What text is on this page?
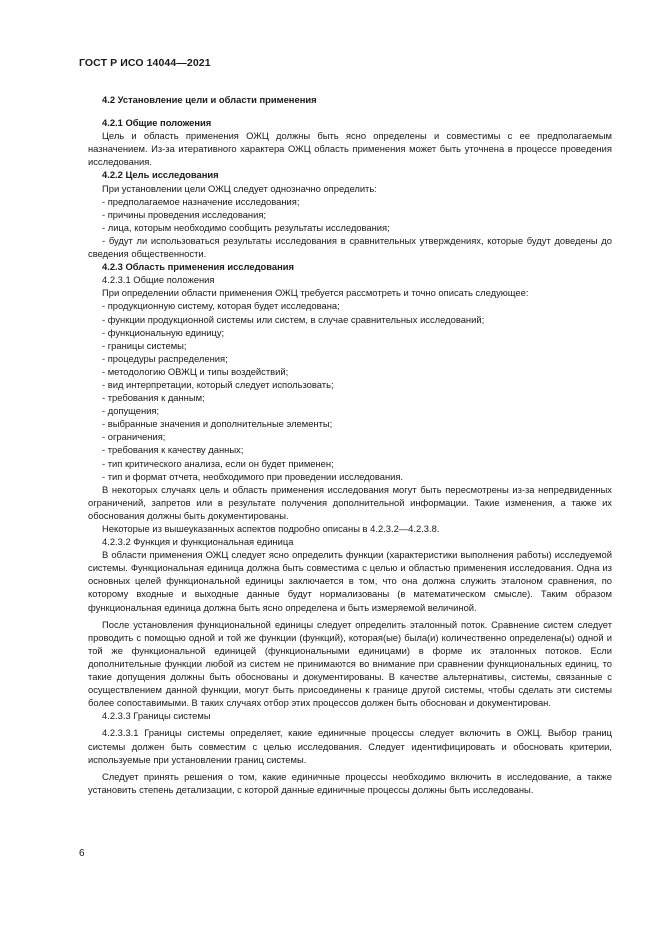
ГОСТ Р ИСО 14044—2021
4.2 Установление цели и области применения
4.2.1 Общие положения

Цель и область применения ОЖЦ должны быть ясно определены и совместимы с ее предполагаемым назначением. Из-за итеративного характера ОЖЦ область применения может быть уточнена в процессе проведения исследования.

4.2.2 Цель исследования

При установлении цели ОЖЦ следует однозначно определить:

- предполагаемое назначение исследования;
- причины проведения исследования;
- лица, которым необходимо сообщить результаты исследования;

- будут ли использоваться результаты исследования в сравнительных утверждениях, которые будут доведены до сведения общественности.

4.2.3 Область применения исследования
4.2.3.1 Общие положения

При определении области применения ОЖЦ требуется рассмотреть и точно описать следующее:

- продукционную систему, которая будет исследована;
- функции продукционной системы или систем, в случае сравнительных исследований;
- функциональную единицу;
- границы системы;
- процедуры распределения;
- методологию ОВЖЦ и типы воздействий;
- вид интерпретации, который следует использовать;
- требования к данным;
- допущения;
- выбранные значения и дополнительные элементы;
- ограничения;
- требования к качеству данных;
- тип критического анализа, если он будет применен;
- тип и формат отчета, необходимого при проведении исследования.

В некоторых случаях цель и область применения исследования могут быть пересмотрены из-за непредвиденных ограничений, запретов или в результате получения дополнительной информации. Такие изменения, а также их обоснования должны быть документированы.

Некоторые из вышеуказанных аспектов подробно описаны в 4.2.3.2—4.2.3.8.

4.2.3.2 Функция и функциональная единица

В области применения ОЖЦ следует ясно определить функции (характеристики выполнения работы) исследуемой системы. Функциональная единица должна быть совместима с целью и областью применения исследования. Одна из основных целей функциональной единицы заключается в том, что она должна служить эталоном сравнения, по которому входные и выходные данные будут нормализованы (в математическом смысле). Таким образом функциональная единица должна быть ясно определена и быть измеряемой величиной.

После установления функциональной единицы следует определить эталонный поток. Сравнение систем следует проводить с помощью одной и той же функции (функций), которая(ые) была(и) количественно определена(ы) одной и той же функциональной единицей (функциональными единицами) в форме их эталонных потоков. Если дополнительные функции любой из систем не принимаются во внимание при сравнении функциональных единиц, то такие допущения должны быть обоснованы и документированы. В качестве альтернативы, системы, связанные с осуществлением данной функции, могут быть присоединены к границе другой системы, чтобы сделать эти системы более сопоставимыми. В таких случаях отбор этих процессов должен быть обоснован и документирован.

4.2.3.3 Границы системы

4.2.3.3.1 Границы системы определяет, какие единичные процессы следует включить в ОЖЦ. Выбор границ системы должен быть совместим с целью исследования. Следует идентифицировать и обосновать критерии, используемые при установлении границ системы.

Следует принять решения о том, какие единичные процессы необходимо включить в исследование, а также установить степень детализации, с которой данные единичные процессы должны быть исследованы.

6
